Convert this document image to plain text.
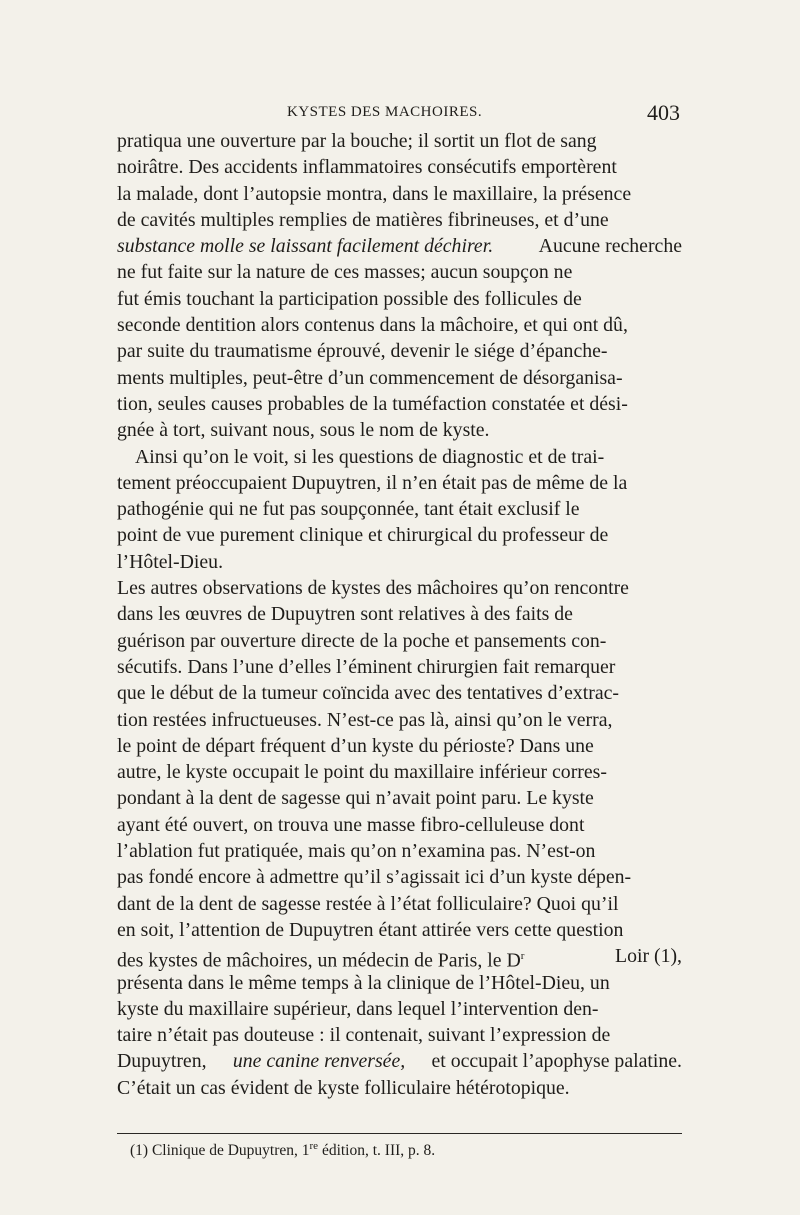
KYSTES DES MACHOIRES.	403
pratiqua une ouverture par la bouche; il sortit un flot de sang
noirâtre. Des accidents inflammatoires consécutifs emportèrent
la malade, dont l’autopsie montra, dans le maxillaire, la présence
de cavités multiples remplies de matières fibrineuses, et d’une
substance molle se laissant facilement déchirer. Aucune recherche
ne fut faite sur la nature de ces masses; aucun soupçon ne
fut émis touchant la participation possible des follicules de
seconde dentition alors contenus dans la mâchoire, et qui ont dû,
par suite du traumatisme éprouvé, devenir le siége d’épanche-
ments multiples, peut-être d’un commencement de désorganisa-
tion, seules causes probables de la tuméfaction constatée et dési-
gnée à tort, suivant nous, sous le nom de kyste.
Ainsi qu’on le voit, si les questions de diagnostic et de trai-
tement préoccupaient Dupuytren, il n’en était pas de même de la
pathogénie qui ne fut pas soupçonnée, tant était exclusif le
point de vue purement clinique et chirurgical du professeur de
l’Hôtel-Dieu.
Les autres observations de kystes des mâchoires qu’on rencontre
dans les œuvres de Dupuytren sont relatives à des faits de
guérison par ouverture directe de la poche et pansements con-
sécutifs. Dans l’une d’elles l’éminent chirurgien fait remarquer
que le début de la tumeur coïncida avec des tentatives d’extrac-
tion restées infructueuses. N’est-ce pas là, ainsi qu’on le verra,
le point de départ fréquent d’un kyste du périoste? Dans une
autre, le kyste occupait le point du maxillaire inférieur corres-
pondant à la dent de sagesse qui n’avait point paru. Le kyste
ayant été ouvert, on trouva une masse fibro-celluleuse dont
l’ablation fut pratiquée, mais qu’on n’examina pas. N’est-on
pas fondé encore à admettre qu’il s’agissait ici d’un kyste dépen-
dant de la dent de sagesse restée à l’état folliculaire? Quoi qu’il
en soit, l’attention de Dupuytren étant attirée vers cette question
des kystes de mâchoires, un médecin de Paris, le $D^r$	Loir (1),
présenta dans le même temps à la clinique de l’Hôtel-Dieu, un
kyste du maxillaire supérieur, dans lequel l’intervention den-
taire n’était pas douteuse : il contenait, suivant l’expression de
Dupuytren, une canine renversée, et occupait l’apophyse palatine.
C’était un cas évident de kyste folliculaire hétérotopique.
(1) Clinique de Dupuytren, 1re édition, t. III, p. 8.
